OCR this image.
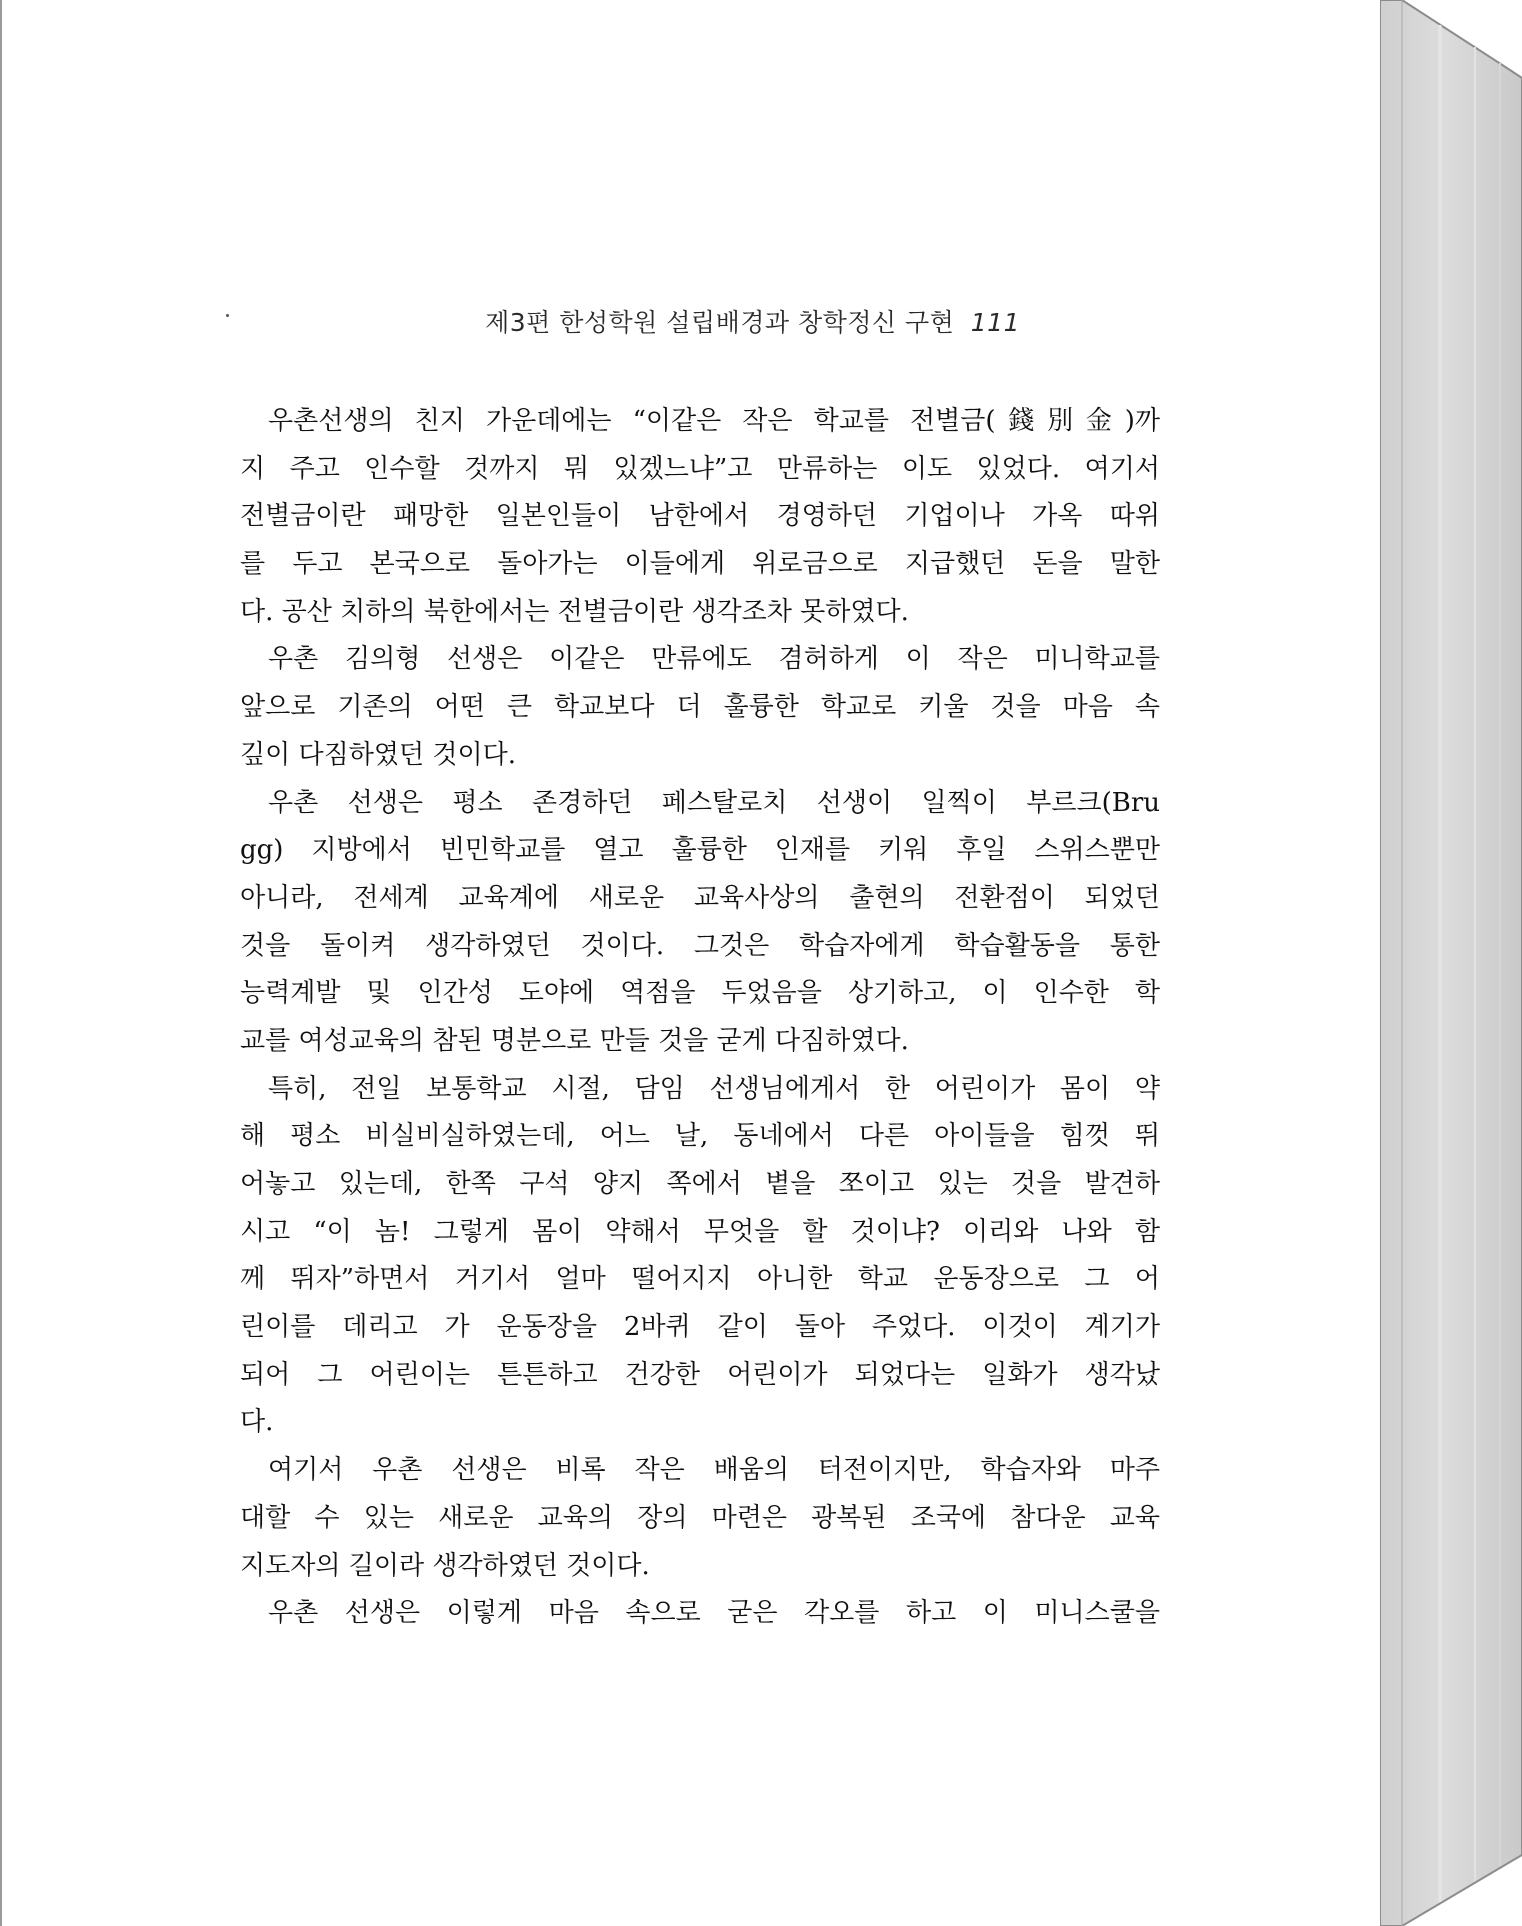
제3편 한성학원 설립배경과 창학정신 구현 111
우촌선생의 친지 가운데에는 “이같은 작은 학교를 전별금(錢別金)까
지 주고 인수할 것까지 뭐 있겠느냐”고 만류하는 이도 있었다. 여기서
전별금이란 패망한 일본인들이 남한에서 경영하던 기업이나 가옥 따위
를 두고 본국으로 돌아가는 이들에게 위로금으로 지급했던 돈을 말한
다. 공산 치하의 북한에서는 전별금이란 생각조차 못하였다.
우촌 김의형 선생은 이같은 만류에도 겸허하게 이 작은 미니학교를
앞으로 기존의 어떤 큰 학교보다 더 훌륭한 학교로 키울 것을 마음 속
깊이 다짐하였던 것이다.
우촌 선생은 평소 존경하던 페스탈로치 선생이 일찍이 부르크(Bru
gg) 지방에서 빈민학교를 열고 훌륭한 인재를 키워 후일 스위스뿐만
아니라, 전세계 교육계에 새로운 교육사상의 출현의 전환점이 되었던
것을 돌이켜 생각하였던 것이다. 그것은 학습자에게 학습활동을 통한
능력계발 및 인간성 도야에 역점을 두었음을 상기하고, 이 인수한 학
교를 여성교육의 참된 명분으로 만들 것을 굳게 다짐하였다.
특히, 전일 보통학교 시절, 담임 선생님에게서 한 어린이가 몸이 약
해 평소 비실비실하였는데, 어느 날, 동네에서 다른 아이들을 힘껏 뛰
어놓고 있는데, 한쪽 구석 양지 쪽에서 볕을 쪼이고 있는 것을 발견하
시고 “이 놈! 그렇게 몸이 약해서 무엇을 할 것이냐? 이리와 나와 함
께 뛰자”하면서 거기서 얼마 떨어지지 아니한 학교 운동장으로 그 어
린이를 데리고 가 운동장을 2바퀴 같이 돌아 주었다. 이것이 계기가
되어 그 어린이는 튼튼하고 건강한 어린이가 되었다는 일화가 생각났
다.
여기서 우촌 선생은 비록 작은 배움의 터전이지만, 학습자와 마주
대할 수 있는 새로운 교육의 장의 마련은 광복된 조국에 참다운 교육
지도자의 길이라 생각하였던 것이다.
우촌 선생은 이렇게 마음 속으로 굳은 각오를 하고 이 미니스쿨을
